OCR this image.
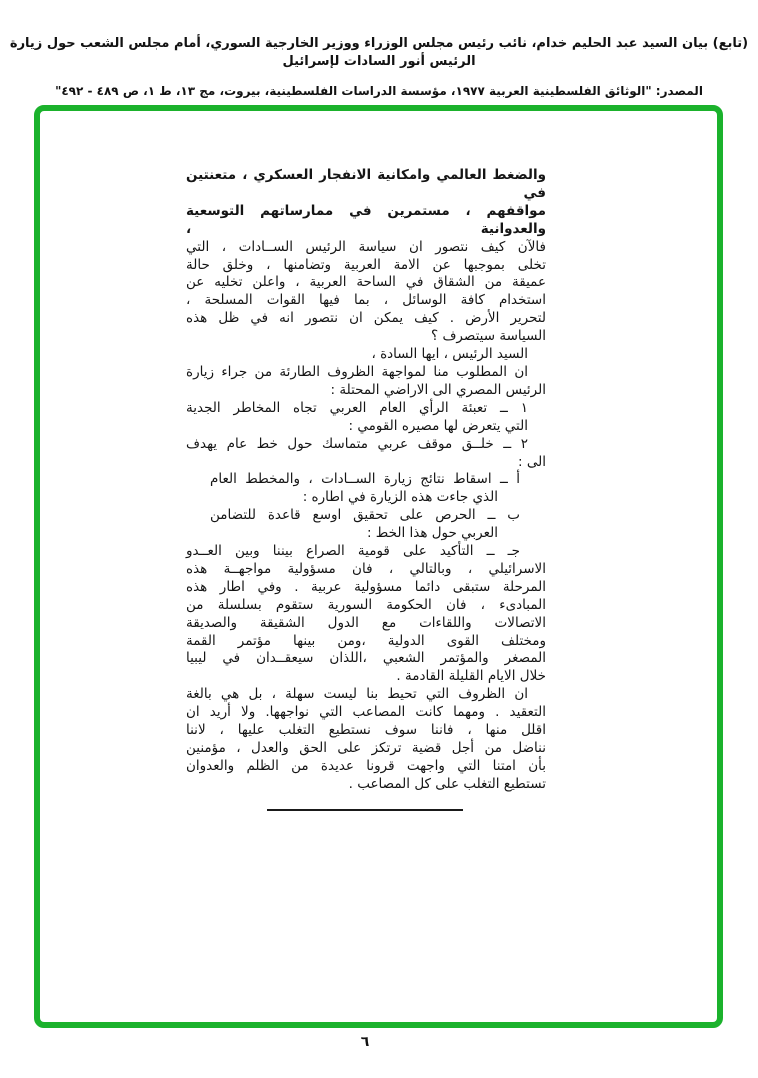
(تابع) بيان السيد عبد الحليم خدام، نائب رئيس مجلس الوزراء ووزير الخارجية السوري، أمام مجلس الشعب حول زيارة الرئيس أنور السادات لإسرائيل
المصدر: "الوثائق الفلسطينية العربية ١٩٧٧، مؤسسة الدراسات الفلسطينية، بيروت، مج ١٣، ط ١، ص ٤٨٩ - ٤٩٢"
والضغط العالمي وامكانية الانفجار العسكري ، متعنتين في
مواقفهم ، مستمرين في ممارساتهم التوسعية والعدوانية ،
فالآن كيف نتصور ان سياسة الرئيس الســادات ، التي
تخلى بموجبها عن الامة العربية وتضامنها ، وخلق حالة
عميقة من الشقاق في الساحة العربية ، واعلن تخليه عن
استخدام كافة الوسائل ، بما فيها القوات المسلحة ،
لتحرير الأرض . كيف يمكن ان نتصور انه في ظل هذه
السياسة سيتصرف ؟
السيد الرئيس ، ايها السادة ،
ان المطلوب منا لمواجهة الظروف الطارئة من جراء زيارة
الرئيس المصري الى الاراضي المحتلة :
١ ــ تعبئة الرأي العام العربي تجاه المخاطر الجدية
التي يتعرض لها مصيره القومي :
٢ ــ خلــق موقف عربي متماسك حول خط عام يهدف
الى :
أ ــ اسقاط نتائج زيارة الســادات ، والمخطط العام
الذي جاءت هذه الزيارة في اطاره :
ب ــ الحرص على تحقيق اوسع قاعدة للتضامن
العربي حول هذا الخط :
جـ ــ التأكيد على قومية الصراع بيننا وبين العــدو
الاسرائيلي ، وبالتالي ، فان مسؤولية مواجهــة هذه
المرحلة ستبقى دائما مسؤولية عربية . وفي اطار هذه
المبادىء ، فان الحكومة السورية ستقوم بسلسلة من
الاتصالات واللقاءات مع الدول الشقيقة والصديقة
ومختلف القوى الدولية ،ومن بينها مؤتمر القمة
المصغر والمؤتمر الشعبي ،اللذان سيعقــدان في ليبيا
خلال الايام القليلة القادمة .
ان الظروف التي تحيط بنا ليست سهلة ، بل هي بالغة
التعقيد . ومهما كانت المصاعب التي نواجهها. ولا أريد ان
اقلل منها ، فاننا سوف نستطيع التغلب عليها ، لاننا
نناضل من أجل قضية ترتكز على الحق والعدل ، مؤمنين
بأن امتنا التي واجهت قرونا عديدة من الظلم والعدوان
تستطيع التغلب على كل المصاعب .
٦
